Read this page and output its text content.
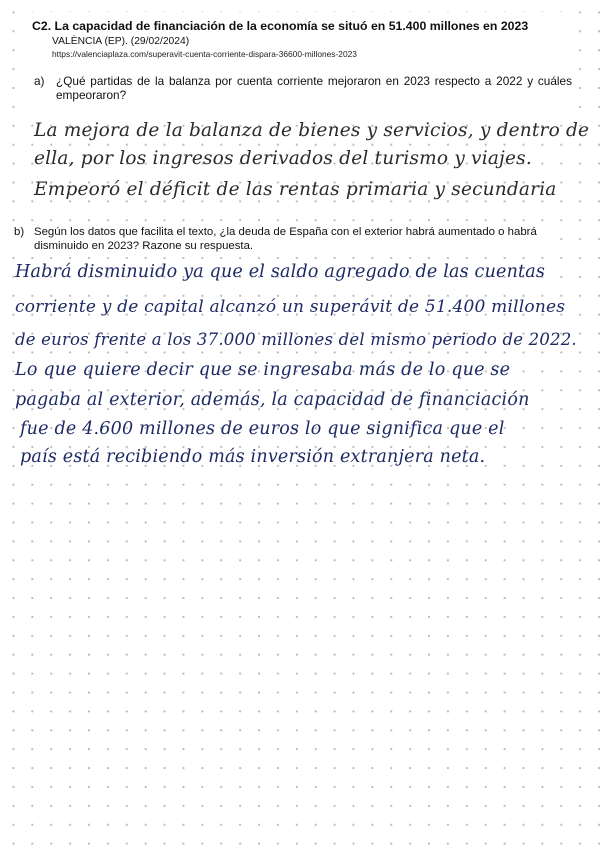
C2. La capacidad de financiación de la economía se situó en 51.400 millones en 2023
VALÈNCIA (EP). (29/02/2024)
https://valenciaplaza.com/superavit-cuenta-corriente-dispara-36600-millones-2023
a) ¿Qué partidas de la balanza por cuenta corriente mejoraron en 2023 respecto a 2022 y cuáles empeoraron?
La mejora de la balanza de bienes y servicios, y dentro de
ella, por los ingresos derivados del turismo y viajes.
Empeoró el déficit de las rentas primaria y secundaria
b) Según los datos que facilita el texto, ¿la deuda de España con el exterior habrá aumentado o habrá disminuido en 2023? Razone su respuesta.
Habrá disminuido ya que el saldo agregado de las cuentas
corriente y de capital alcanzó un superávit de 51.400 millones
de euros frente a los 37.000 millones del mismo periodo de 2022.
Lo que quiere decir que se ingresaba más de lo que se
pagaba al exterior, además, la capacidad de financiación
fue de 4.600 millones de euros lo que significa que el
país está recibiendo más inversión extranjera neta.
